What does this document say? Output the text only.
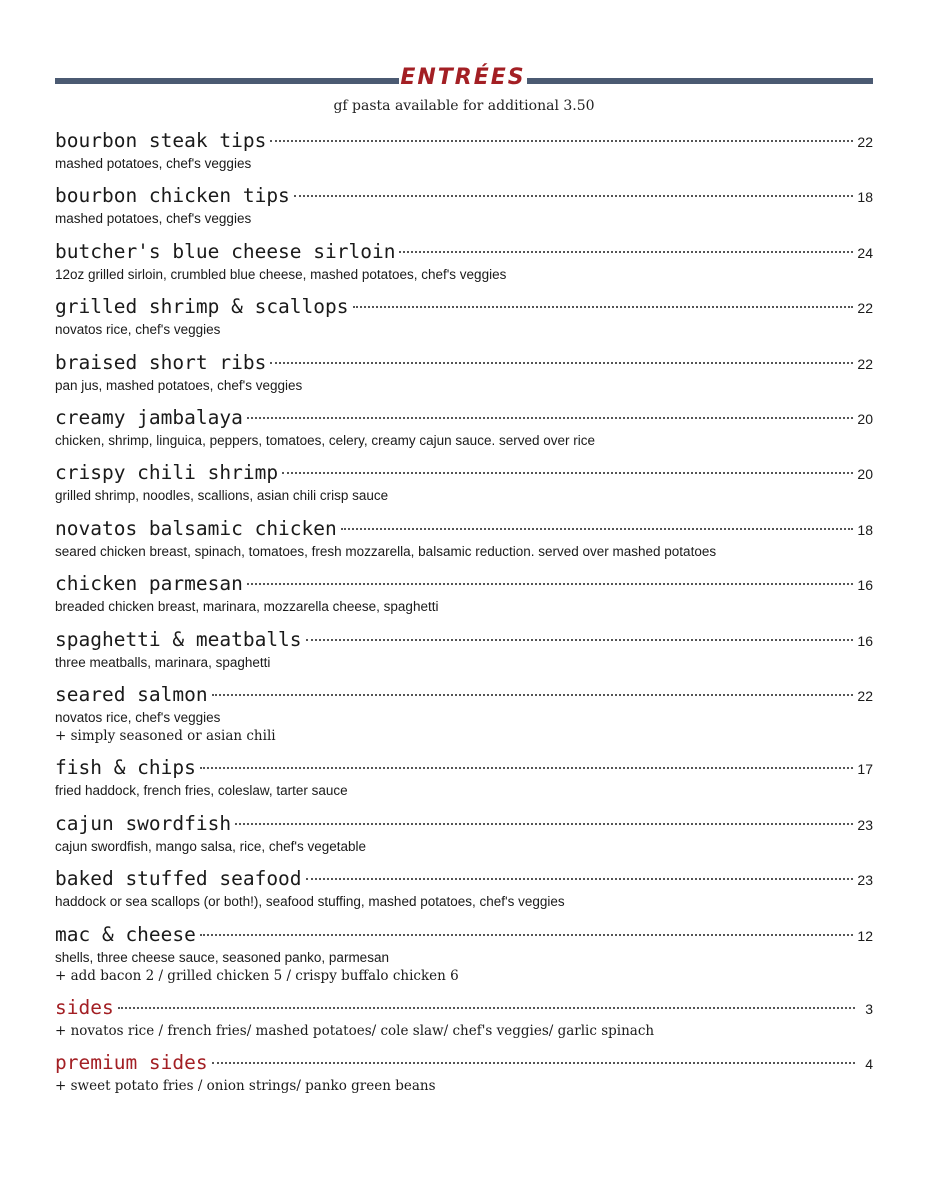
ENTRÉES
gf pasta available for additional 3.50
bourbon steak tips	22
mashed potatoes, chef's veggies
bourbon chicken tips	18
mashed potatoes, chef's veggies
butcher's blue cheese sirloin	24
12oz grilled sirloin, crumbled blue cheese, mashed potatoes, chef's veggies
grilled shrimp & scallops	22
novatos rice, chef's veggies
braised short ribs	22
pan jus, mashed potatoes, chef's veggies
creamy jambalaya	20
chicken, shrimp, linguica, peppers, tomatoes, celery, creamy cajun sauce. served over rice
crispy chili shrimp	20
grilled shrimp, noodles, scallions, asian chili crisp sauce
novatos balsamic chicken	18
seared chicken breast, spinach, tomatoes, fresh mozzarella, balsamic reduction. served over mashed potatoes
chicken parmesan	16
breaded chicken breast, marinara, mozzarella cheese, spaghetti
spaghetti & meatballs	16
three meatballs, marinara, spaghetti
seared salmon	22
novatos rice, chef's veggies
+ simply seasoned or asian chili
fish & chips	17
fried haddock, french fries, coleslaw, tarter sauce
cajun swordfish	23
cajun swordfish, mango salsa, rice, chef's vegetable
baked stuffed seafood	23
haddock or sea scallops (or both!), seafood stuffing, mashed potatoes, chef's veggies
mac & cheese	12
shells, three cheese sauce, seasoned panko, parmesan
+ add bacon 2 / grilled chicken 5 / crispy buffalo chicken 6
sides	3
+ novatos rice / french fries/ mashed potatoes/ cole slaw/ chef's veggies/ garlic spinach
premium sides	4
+ sweet potato fries / onion strings/ panko green beans
